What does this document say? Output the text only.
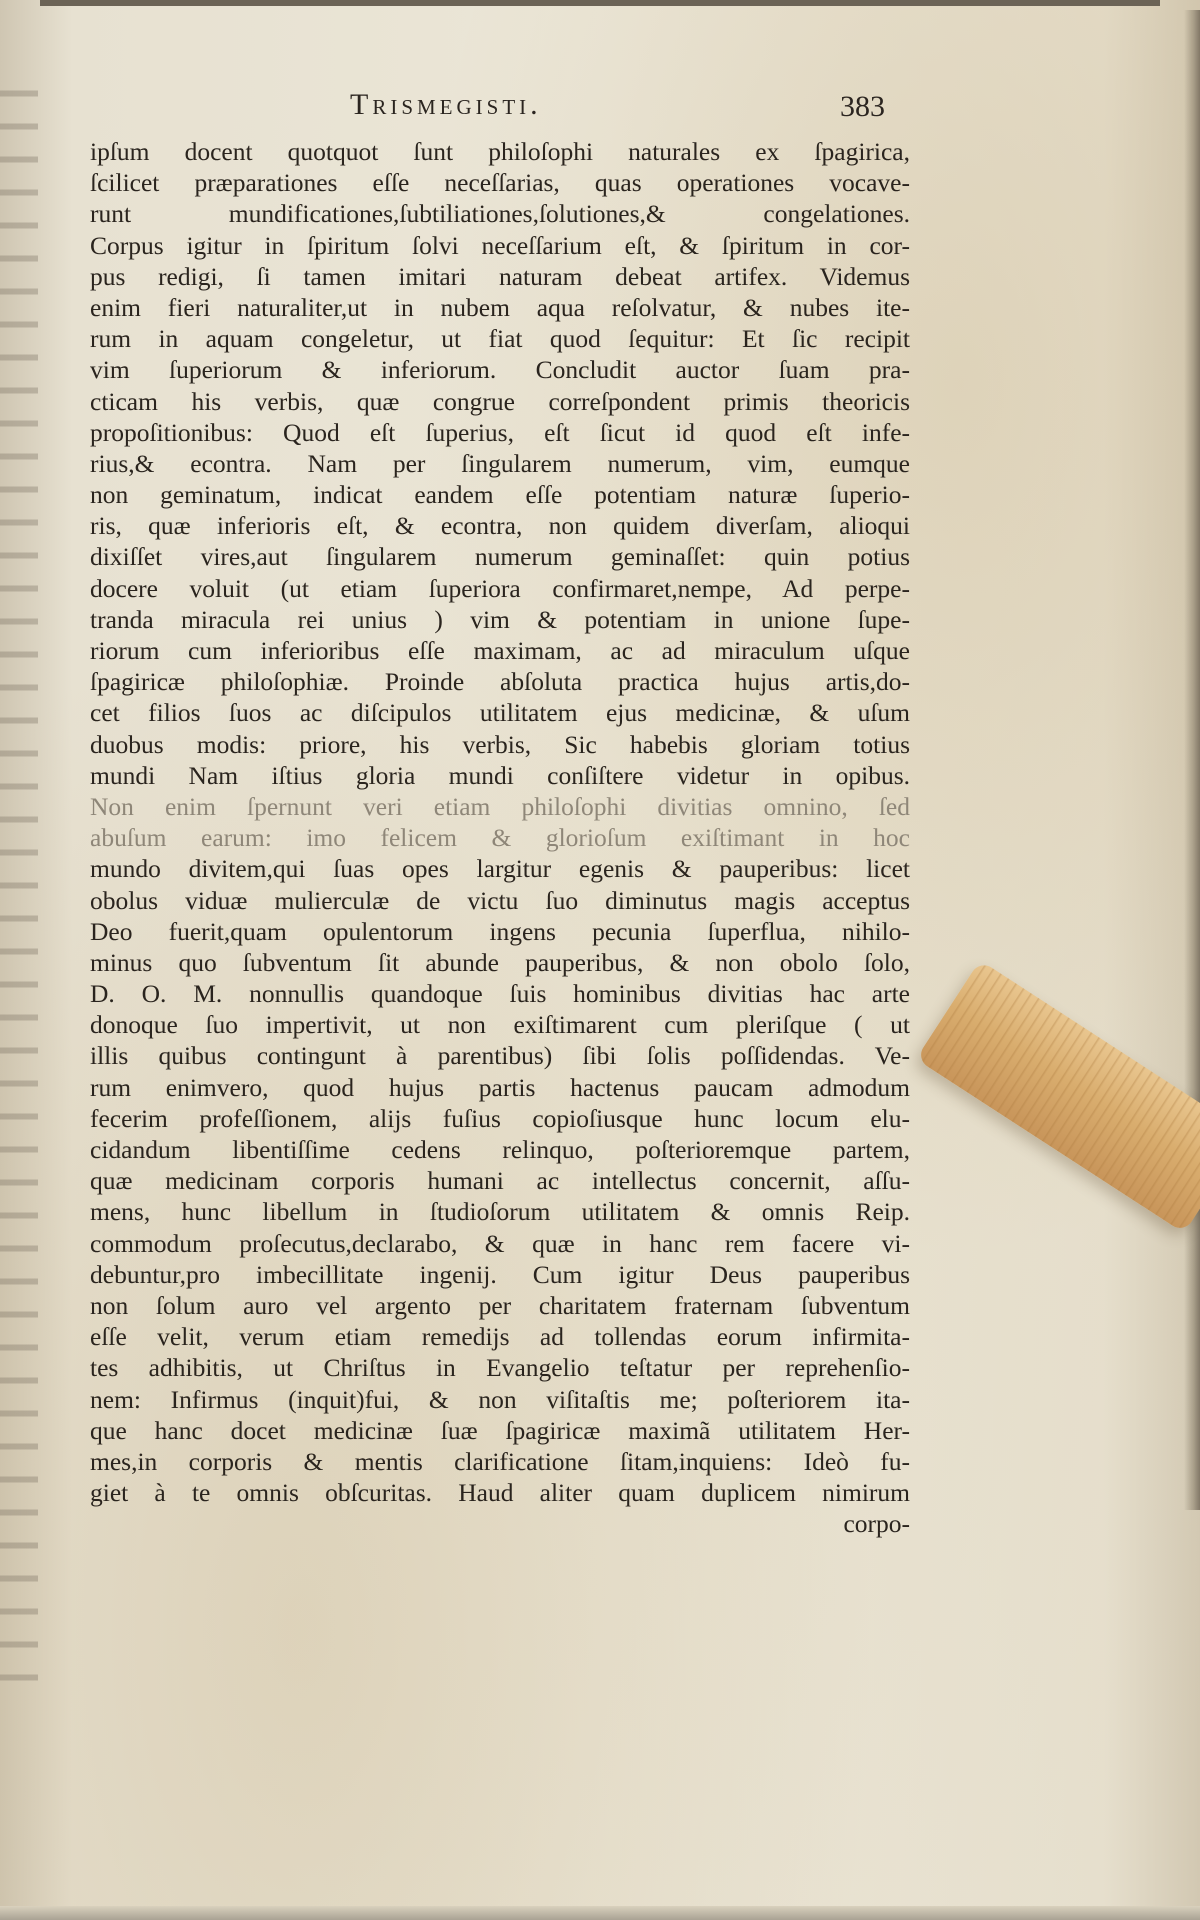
Trismegisti.	383
ipſum docent quotquot ſunt philoſophi naturales ex ſpagirica,
ſcilicet præparationes eſſe neceſſarias, quas operationes vocave-
runt mundificationes,ſubtiliationes,ſolutiones,& congelationes.
Corpus igitur in ſpiritum ſolvi neceſſarium eſt, & ſpiritum in cor-
pus redigi, ſi tamen imitari naturam debeat artifex. Videmus
enim fieri naturaliter,ut in nubem aqua reſolvatur, & nubes ite-
rum in aquam congeletur, ut fiat quod ſequitur: Et ſic recipit
vim ſuperiorum & inferiorum. Concludit auctor ſuam pra-
cticam his verbis, quæ congrue correſpondent primis theoricis
propoſitionibus: Quod eſt ſuperius, eſt ſicut id quod eſt infe-
rius,& econtra. Nam per ſingularem numerum, vim, eumque
non geminatum, indicat eandem eſſe potentiam naturæ ſuperio-
ris, quæ inferioris eſt, & econtra, non quidem diverſam, alioqui
dixiſſet vires,aut ſingularem numerum geminaſſet: quin potius
docere voluit (ut etiam ſuperiora confirmaret,nempe, Ad perpe-
tranda miracula rei unius ) vim & potentiam in unione ſupe-
riorum cum inferioribus eſſe maximam, ac ad miraculum uſque
ſpagiricæ philoſophiæ. Proinde abſoluta practica hujus artis,do-
cet filios ſuos ac diſcipulos utilitatem ejus medicinæ, & uſum
duobus modis: priore, his verbis, Sic habebis gloriam totius
mundi Nam iſtius gloria mundi conſiſtere videtur in opibus.
Non enim ſpernunt veri etiam philoſophi divitias omnino, ſed
abuſum earum: imo felicem & glorioſum exiſtimant in hoc
mundo divitem,qui ſuas opes largitur egenis & pauperibus: licet
obolus viduæ mulierculæ de victu ſuo diminutus magis acceptus
Deo fuerit,quam opulentorum ingens pecunia ſuperflua, nihilo-
minus quo ſubventum ſit abunde pauperibus, & non obolo ſolo,
D. O. M. nonnullis quandoque ſuis hominibus divitias hac arte
donoque ſuo impertivit, ut non exiſtimarent cum pleriſque ( ut
illis quibus contingunt à parentibus) ſibi ſolis poſſidendas. Ve-
rum enimvero, quod hujus partis hactenus paucam admodum
fecerim profeſſionem, alijs fuſius copioſiusque hunc locum elu-
cidandum libentiſſime cedens relinquo, poſterioremque partem,
quæ medicinam corporis humani ac intellectus concernit, aſſu-
mens, hunc libellum in ſtudioſorum utilitatem & omnis Reip.
commodum proſecutus,declarabo, & quæ in hanc rem facere vi-
debuntur,pro imbecillitate ingenij. Cum igitur Deus pauperibus
non ſolum auro vel argento per charitatem fraternam ſubventum
eſſe velit, verum etiam remedijs ad tollendas eorum infirmita-
tes adhibitis, ut Chriſtus in Evangelio teſtatur per reprehenſio-
nem: Infirmus (inquit)fui, & non viſitaſtis me; poſteriorem ita-
que hanc docet medicinæ ſuæ ſpagiricæ maximã utilitatem Her-
mes,in corporis & mentis clarificatione ſitam,inquiens: Ideò fu-
giet à te omnis obſcuritas. Haud aliter quam duplicem nimirum
corpo-
